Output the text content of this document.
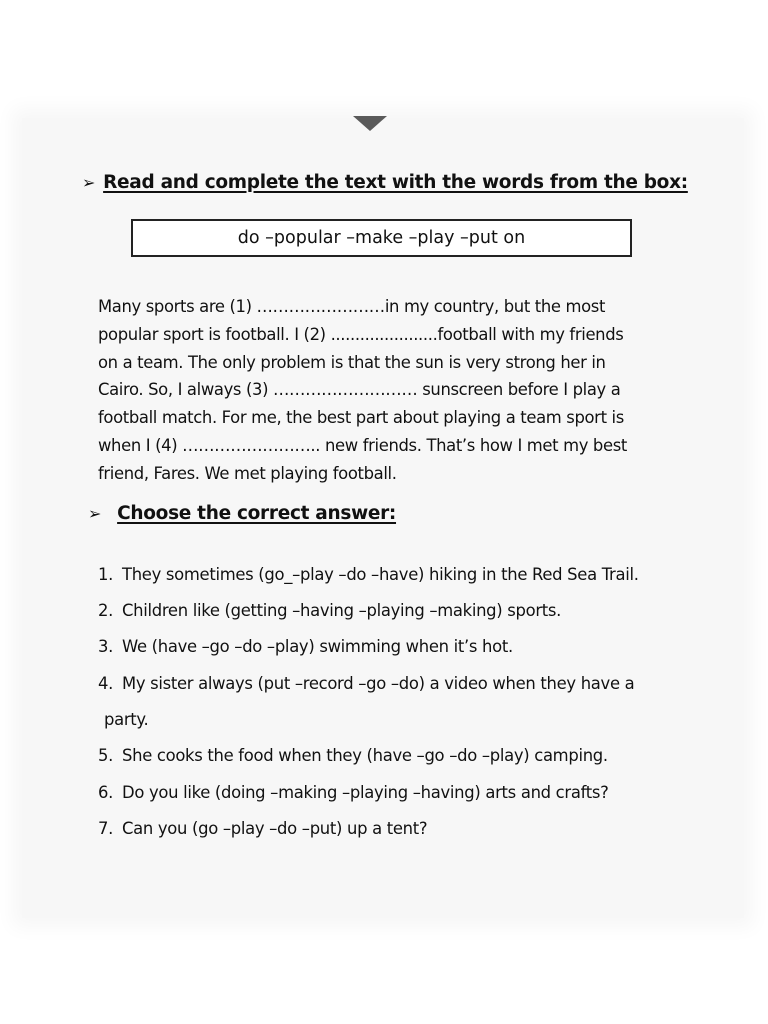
➢ Read and complete the text with the words from the box:
do –popular –make –play –put on
Many sports are (1) ……………………in my country, but the most
popular sport is football. I (2) ......................football with my friends
on a team. The only problem is that the sun is very strong her in
Cairo. So, I always (3) ……………………… sunscreen before I play a
football match. For me, the best part about playing a team sport is
when I (4) …………………….. new friends. That’s how I met my best
friend, Fares. We met playing football.
➢ Choose the correct answer:
1. They sometimes (go_–play –do –have) hiking in the Red Sea Trail.
2. Children like (getting –having –playing –making) sports.
3. We (have –go –do –play) swimming when it’s hot.
4. My sister always (put –record –go –do) a video when they have a
party.
5. She cooks the food when they (have –go –do –play) camping.
6. Do you like (doing –making –playing –having) arts and crafts?
7. Can you (go –play –do –put) up a tent?
